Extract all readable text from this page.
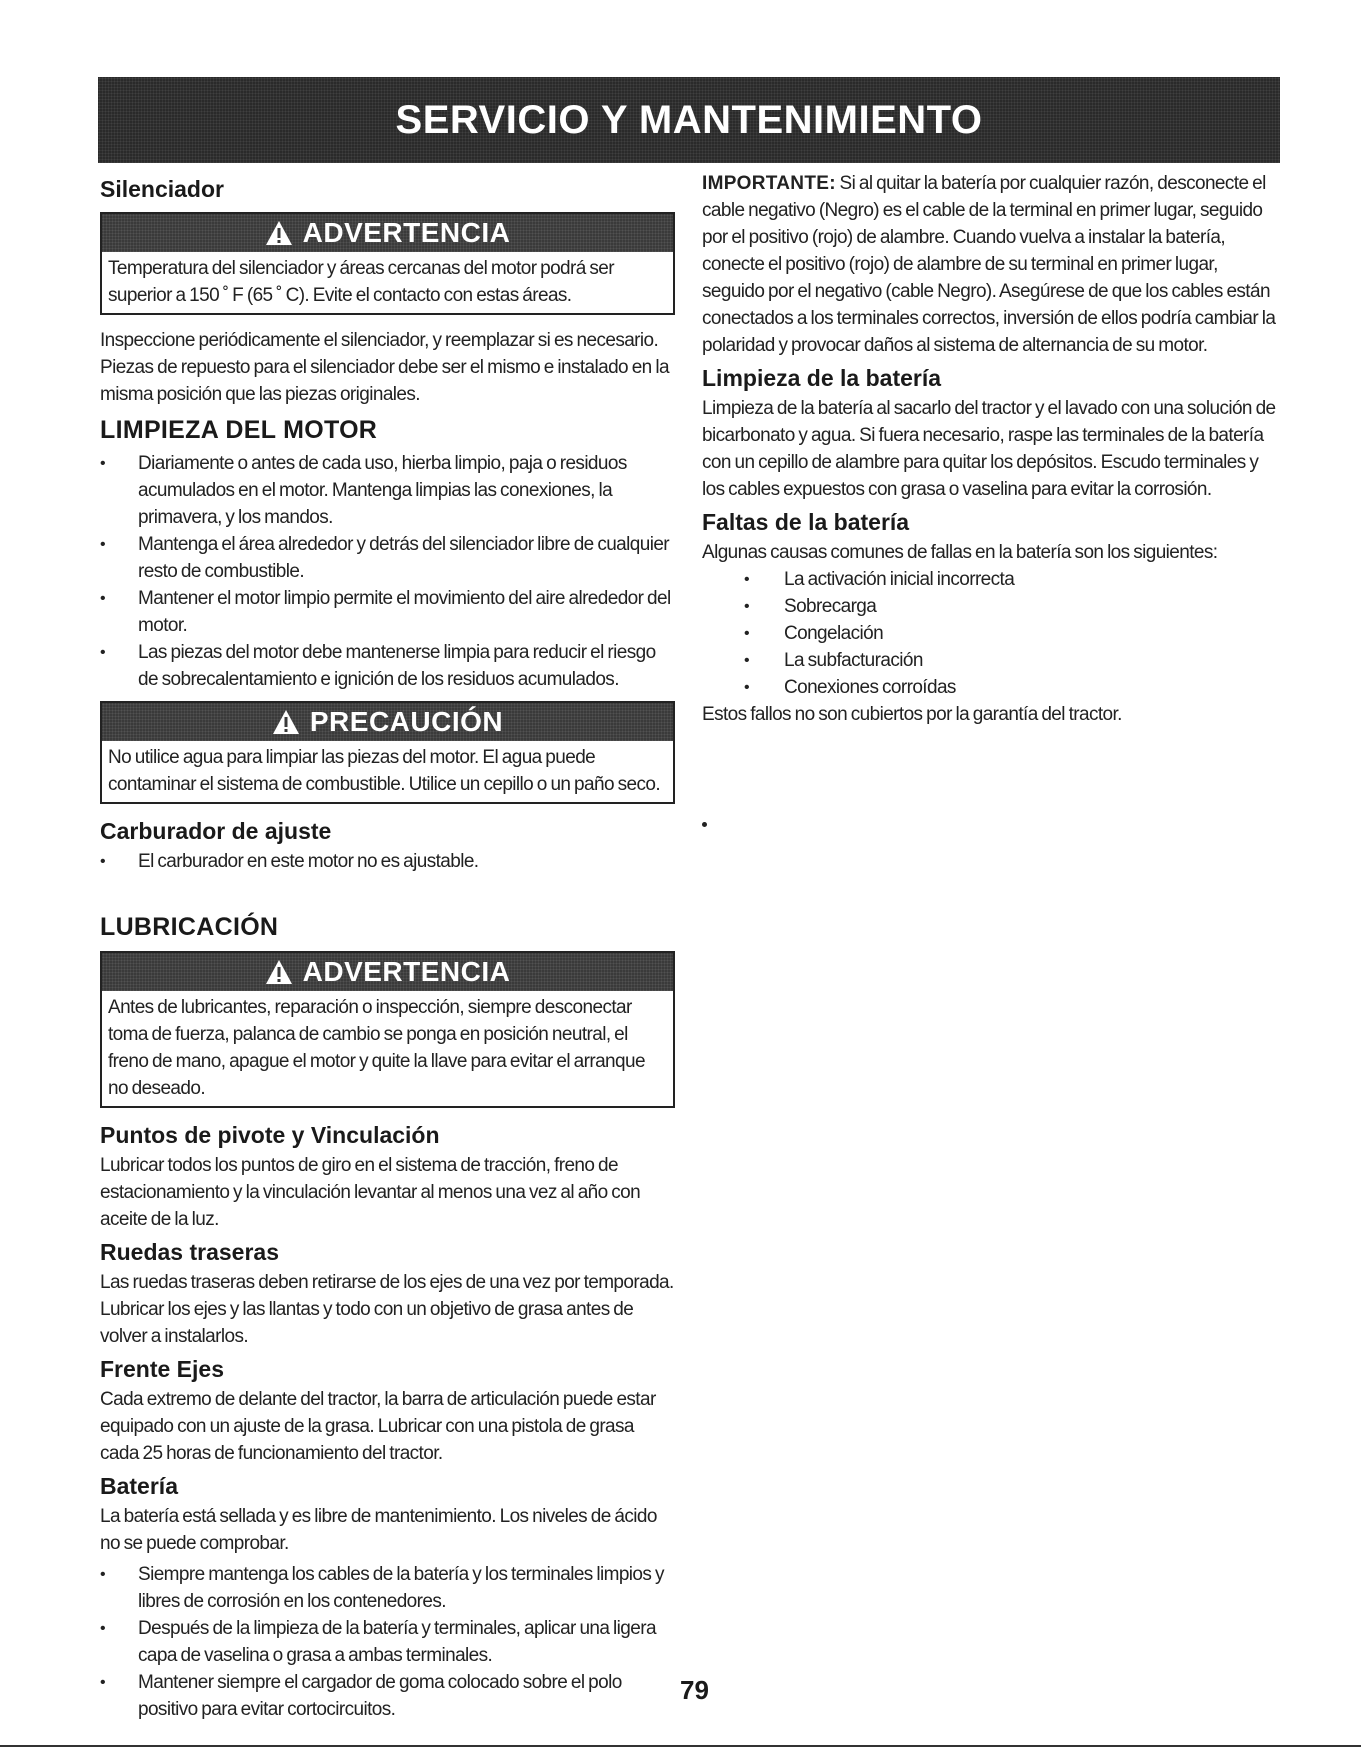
SERVICIO Y MANTENIMIENTO
Silenciador
ADVERTENCIA
Temperatura del silenciador y áreas cercanas del motor podrá ser superior a 150 ˚ F (65 ˚ C). Evite el contacto con estas áreas.

Inspeccione periódicamente el silenciador, y reemplazar si es necesario. Piezas de repuesto para el silenciador debe ser el mismo e instalado en la misma posición que las piezas originales.

LIMPIEZA DEL MOTOR
• Diariamente o antes de cada uso, hierba limpio, paja o residuos acumulados en el motor. Mantenga limpias las conexiones, la primavera, y los mandos.
• Mantenga el área alrededor y detrás del silenciador libre de cualquier resto de combustible.
• Mantener el motor limpio permite el movimiento del aire alrededor del motor.
• Las piezas del motor debe mantenerse limpia para reducir el riesgo de sobrecalentamiento e ignición de los residuos acumulados.
PRECAUCIÓN
No utilice agua para limpiar las piezas del motor. El agua puede contaminar el sistema de combustible. Utilice un cepillo o un paño seco.
Carburador de ajuste
• El carburador en este motor no es ajustable.
LUBRICACIÓN
ADVERTENCIA
Antes de lubricantes, reparación o inspección, siempre desconectar toma de fuerza, palanca de cambio se ponga en posición neutral, el freno de mano, apague el motor y quite la llave para evitar el arranque no deseado.
Puntos de pivote y Vinculación

Lubricar todos los puntos de giro en el sistema de tracción, freno de estacionamiento y la vinculación levantar al menos una vez al año con aceite de la luz.

Ruedas traseras

Las ruedas traseras deben retirarse de los ejes de una vez por temporada. Lubricar los ejes y las llantas y todo con un objetivo de grasa antes de volver a instalarlos.

Frente Ejes

Cada extremo de delante del tractor, la barra de articulación puede estar equipado con un ajuste de la grasa. Lubricar con una pistola de grasa cada 25 horas de funcionamiento del tractor.

Batería

La batería está sellada y es libre de mantenimiento. Los niveles de ácido no se puede comprobar.

• Siempre mantenga los cables de la batería y los terminales limpios y libres de corrosión en los contenedores.
• Después de la limpieza de la batería y terminales, aplicar una ligera capa de vaselina o grasa a ambas terminales.
• Mantener siempre el cargador de goma colocado sobre el polo positivo para evitar cortocircuitos.

IMPORTANTE: Si al quitar la batería por cualquier razón, desconecte el cable negativo (Negro) es el cable de la terminal en primer lugar, seguido por el positivo (rojo) de alambre. Cuando vuelva a instalar la batería, conecte el positivo (rojo) de alambre de su terminal en primer lugar, seguido por el negativo (cable Negro). Asegúrese de que los cables están conectados a los terminales correctos, inversión de ellos podría cambiar la polaridad y provocar daños al sistema de alternancia de su motor.

Limpieza de la batería

Limpieza de la batería al sacarlo del tractor y el lavado con una solución de bicarbonato y agua. Si fuera necesario, raspe las terminales de la batería con un cepillo de alambre para quitar los depósitos. Escudo terminales y los cables expuestos con grasa o vaselina para evitar la corrosión.

Faltas de la batería

Algunas causas comunes de fallas en la batería son los siguientes:

• La activación inicial incorrecta
• Sobrecarga
• Congelación
• La subfacturación
• Conexiones corroídas

Estos fallos no son cubiertos por la garantía del tractor.

79
